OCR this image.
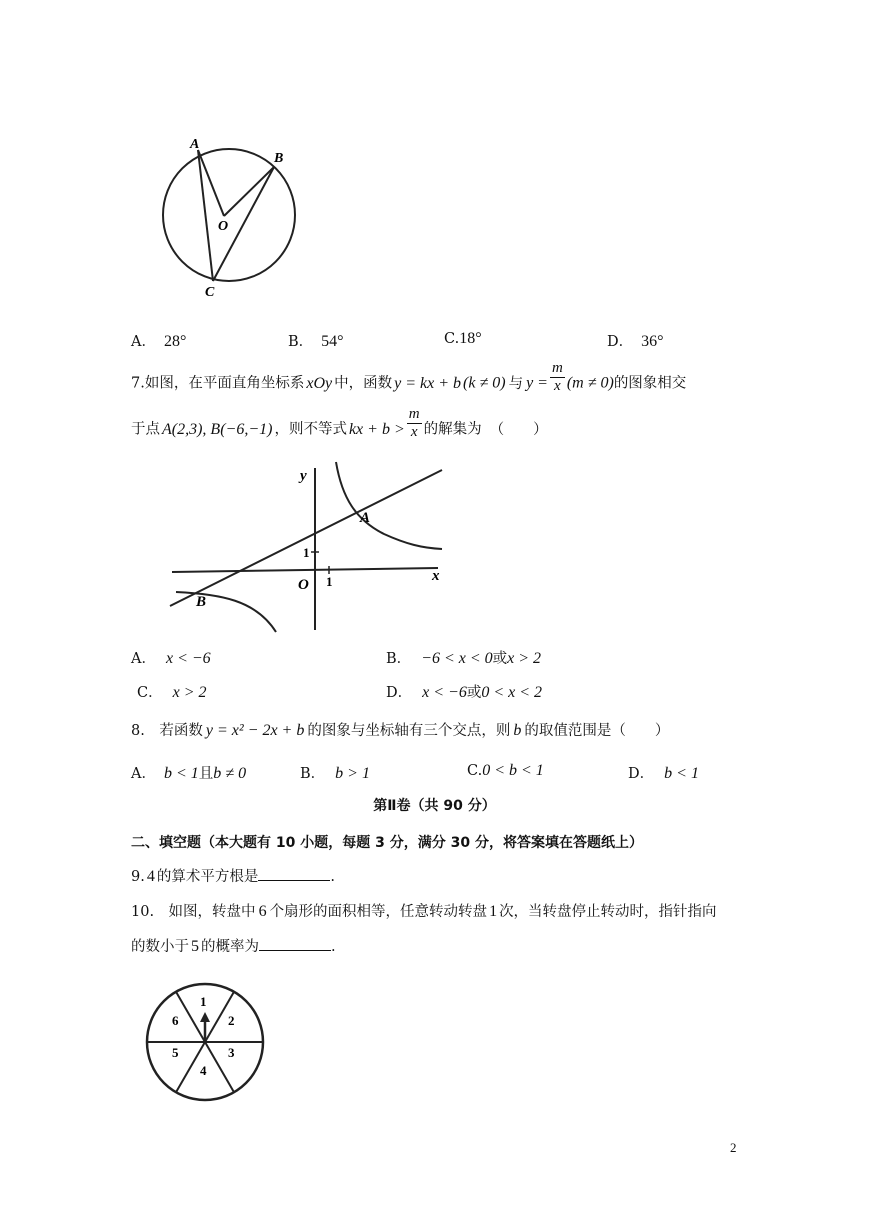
A
B
O
C
A． 28°	B． 54°	C.18°	D． 36°
7.如图，在平面直角坐标系 xOy 中，函数 y = kx + b (k ≠ 0) 与 $y = \frac{m}{x} (m \ne 0)$的图象相交
于点 A(2,3), B(−6,−1) ，则不等式 kx + $b > \frac{m}{x}$ 的解集为 （　　）
y
x
O 1
1
A
B
A． x < −6	B． −6 < x < 0或x > 2
C． x > 2	D． x < −6或0 < x < 2
8.　若函数 y = x² − 2x + b 的图象与坐标轴有三个交点，则 b 的取值范围是（　　）
A． b < 1且b ≠ 0	B． b > 1	C.0 < b < 1	D． b < 1
第Ⅱ卷（共 90 分）
二、填空题（本大题有 10 小题，每题 3 分，满分 30 分，将答案填在答题纸上）
9. 4 的算术平方根是	.
10.　如图，转盘中 6 个扇形的面积相等，任意转动转盘 1 次，当转盘停止转动时，指针指向
的数小于 5 的概率为	.
1
2
3
4
5
6
2
